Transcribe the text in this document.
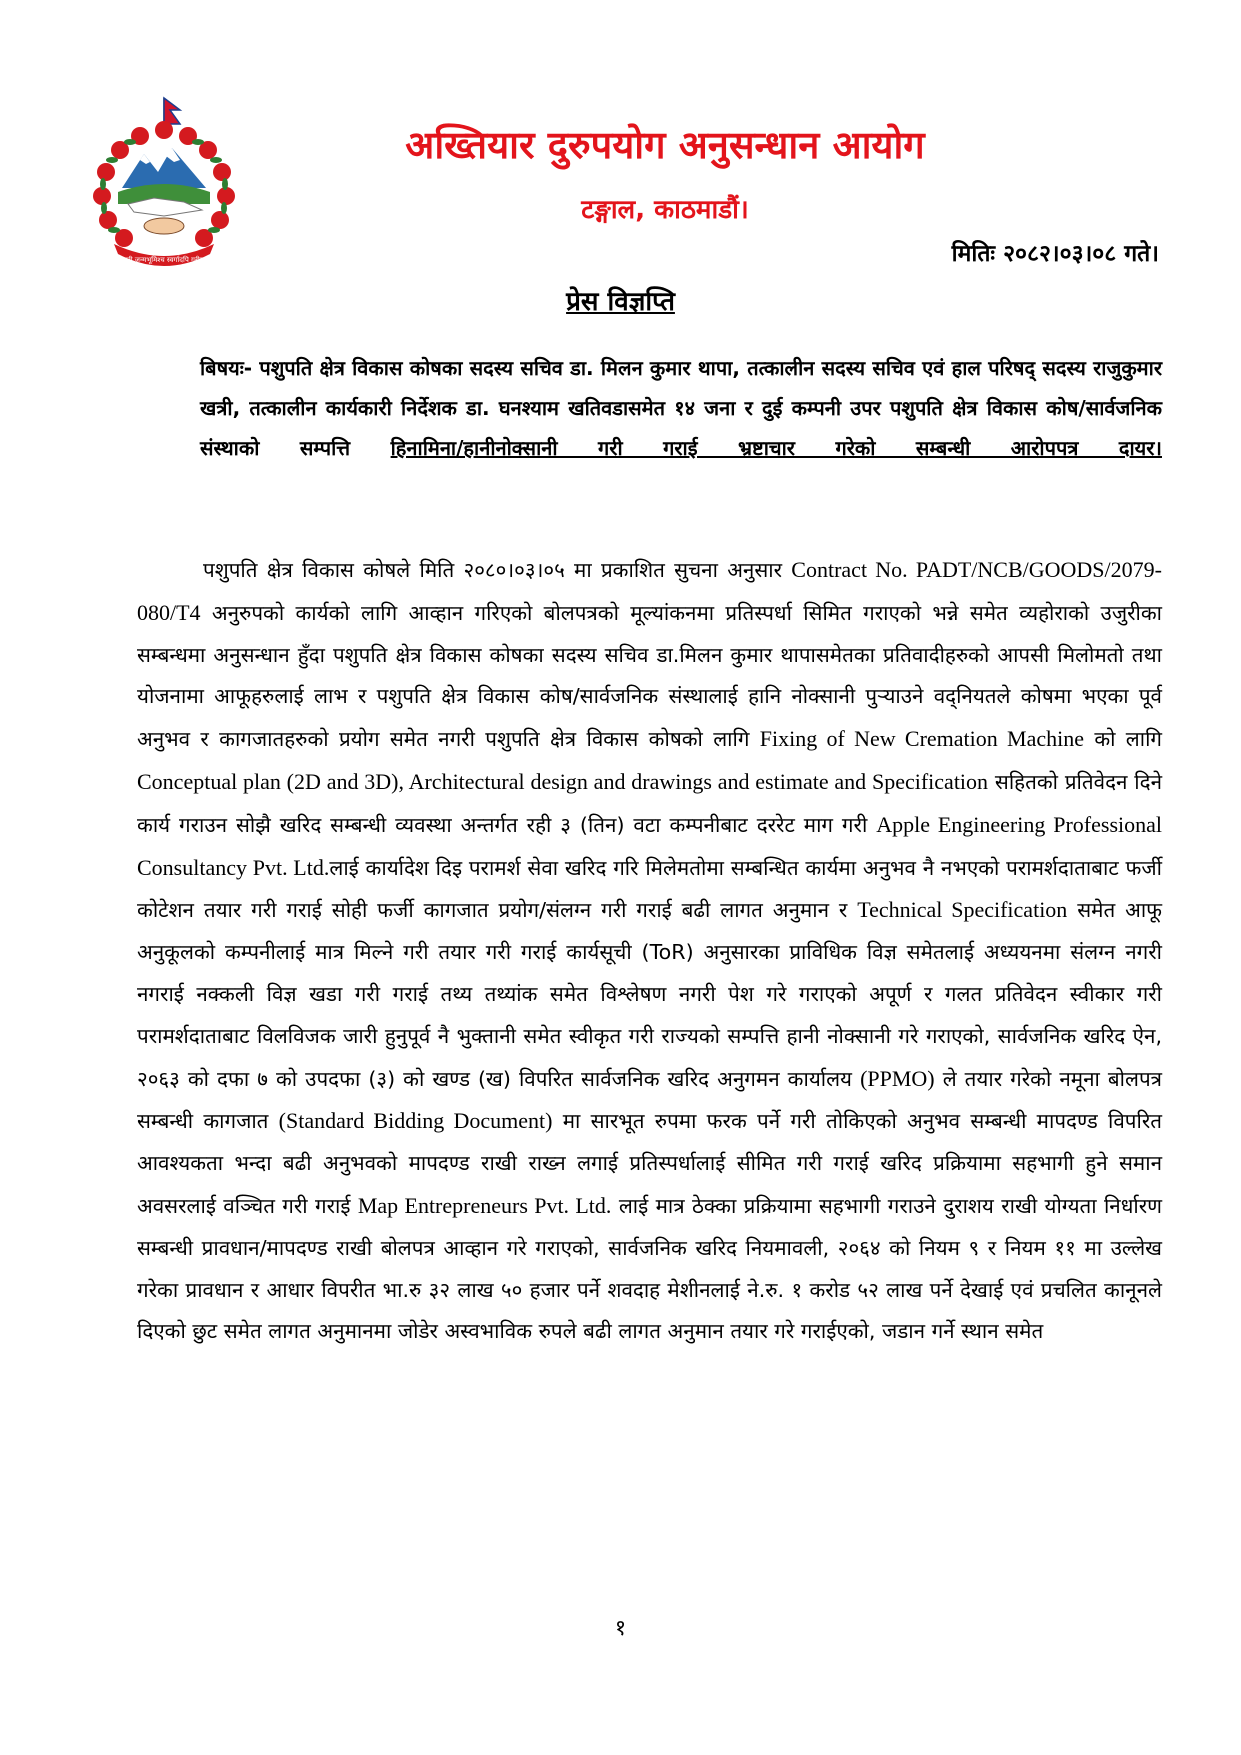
जननी जन्मभूमिश्च स्वर्गादपि गरीयसी
अख्तियार दुरुपयोग अनुसन्धान आयोग
टङ्गाल, काठमाडौं।
मितिः २०८२।०३।०८ गते।
प्रेस विज्ञप्ति
बिषयः- पशुपति क्षेत्र विकास कोषका सदस्य सचिव डा. मिलन कुमार थापा, तत्कालीन सदस्य सचिव एवं हाल परिषद् सदस्य राजुकुमार खत्री, तत्कालीन कार्यकारी निर्देशक डा. घनश्याम खतिवडासमेत १४ जना र दुई कम्पनी उपर पशुपति क्षेत्र विकास कोष/सार्वजनिक संस्थाको सम्पत्ति हिनामिना/हानीनोक्सानी गरी गराई भ्रष्टाचार गरेको सम्बन्धी आरोपपत्र दायर।
पशुपति क्षेत्र विकास कोषले मिति २०८०।०३।०५ मा प्रकाशित सुचना अनुसार Contract No. PADT/NCB/GOODS/2079-080/T4 अनुरुपको कार्यको लागि आव्हान गरिएको बोलपत्रको मूल्यांकनमा प्रतिस्पर्धा सिमित गराएको भन्ने समेत व्यहोराको उजुरीका सम्बन्धमा अनुसन्धान हुँदा पशुपति क्षेत्र विकास कोषका सदस्य सचिव डा.मिलन कुमार थापासमेतका प्रतिवादीहरुको आपसी मिलोमतो तथा योजनामा आफूहरुलाई लाभ र पशुपति क्षेत्र विकास कोष/सार्वजनिक संस्थालाई हानि नोक्सानी पुर्‍याउने वद्नियतले कोषमा भएका पूर्व अनुभव र कागजातहरुको प्रयोग समेत नगरी पशुपति क्षेत्र विकास कोषको लागि Fixing of New Cremation Machine को लागि Conceptual plan (2D and 3D), Architectural design and drawings and estimate and Specification सहितको प्रतिवेदन दिने कार्य गराउन सोझै खरिद सम्बन्धी व्यवस्था अन्तर्गत रही ३ (तिन) वटा कम्पनीबाट दररेट माग गरी Apple Engineering Professional Consultancy Pvt. Ltd.लाई कार्यादेश दिइ परामर्श सेवा खरिद गरि मिलेमतोमा सम्बन्धित कार्यमा अनुभव नै नभएको परामर्शदाताबाट फर्जी कोटेशन तयार गरी गराई सोही फर्जी कागजात प्रयोग/संलग्न गरी गराई बढी लागत अनुमान र Technical Specification समेत आफू अनुकूलको कम्पनीलाई मात्र मिल्ने गरी तयार गरी गराई कार्यसूची (ToR) अनुसारका प्राविधिक विज्ञ समेतलाई अध्ययनमा संलग्न नगरी नगराई नक्कली विज्ञ खडा गरी गराई तथ्य तथ्यांक समेत विश्लेषण नगरी पेश गरे गराएको अपूर्ण र गलत प्रतिवेदन स्वीकार गरी परामर्शदाताबाट विलविजक जारी हुनुपूर्व नै भुक्तानी समेत स्वीकृत गरी राज्यको सम्पत्ति हानी नोक्सानी गरे गराएको, सार्वजनिक खरिद ऐन, २०६३ को दफा ७ को उपदफा (३) को खण्ड (ख) विपरित सार्वजनिक खरिद अनुगमन कार्यालय (PPMO) ले तयार गरेको नमूना बोलपत्र सम्बन्धी कागजात (Standard Bidding Document) मा सारभूत रुपमा फरक पर्ने गरी तोकिएको अनुभव सम्बन्धी मापदण्ड विपरित आवश्यकता भन्दा बढी अनुभवको मापदण्ड राखी राख्न लगाई प्रतिस्पर्धालाई सीमित गरी गराई खरिद प्रक्रियामा सहभागी हुने समान अवसरलाई वञ्चित गरी गराई Map Entrepreneurs Pvt. Ltd. लाई मात्र ठेक्का प्रक्रियामा सहभागी गराउने दुराशय राखी योग्यता निर्धारण सम्बन्धी प्रावधान/मापदण्ड राखी बोलपत्र आव्हान गरे गराएको, सार्वजनिक खरिद नियमावली, २०६४ को नियम ९ र नियम ११ मा उल्लेख गरेका प्रावधान र आधार विपरीत भा.रु ३२ लाख ५० हजार पर्ने शवदाह मेशीनलाई ने.रु. १ करोड ५२ लाख पर्ने देखाई एवं प्रचलित कानूनले दिएको छुट समेत लागत अनुमानमा जोडेर अस्वभाविक रुपले बढी लागत अनुमान तयार गरे गराईएको, जडान गर्ने स्थान समेत
१
